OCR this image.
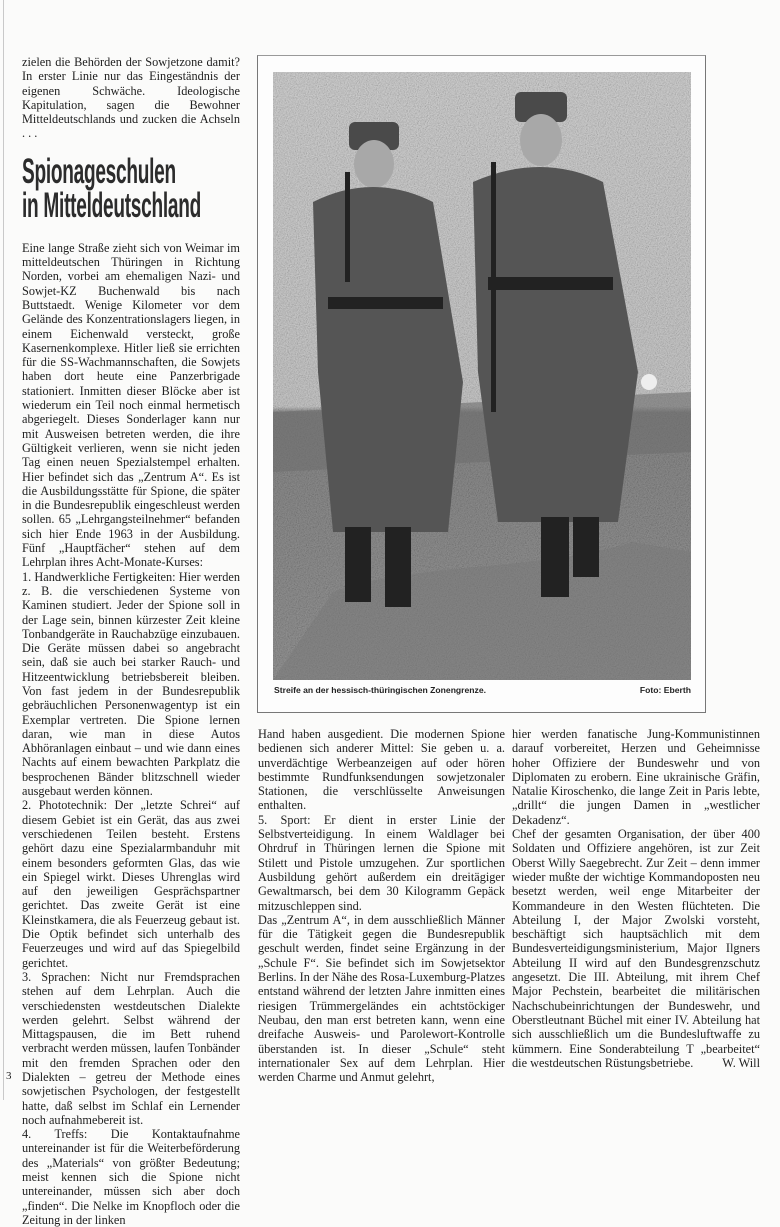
zielen die Behörden der Sowjetzone damit? In erster Linie nur das Eingeständnis der eigenen Schwäche. Ideologische Kapitulation, sagen die Bewohner Mitteldeutschlands und zucken die Achseln . . .

Spionageschulen
in Mitteldeutschland

Eine lange Straße zieht sich von Weimar im mitteldeutschen Thüringen in Richtung Norden, vorbei am ehemaligen Nazi- und Sowjet-KZ Buchenwald bis nach Buttstaedt. Wenige Kilometer vor dem Gelände des Konzentrationslagers liegen, in einem Eichenwald versteckt, große Kasernenkomplexe. Hitler ließ sie errichten für die SS-Wachmannschaften, die Sowjets haben dort heute eine Panzerbrigade stationiert. Inmitten dieser Blöcke aber ist wiederum ein Teil noch einmal hermetisch abgeriegelt. Dieses Sonderlager kann nur mit Ausweisen betreten werden, die ihre Gültigkeit verlieren, wenn sie nicht jeden Tag einen neuen Spezialstempel erhalten. Hier befindet sich das „Zentrum A“. Es ist die Ausbildungsstätte für Spione, die später in die Bundesrepublik eingeschleust werden sollen. 65 „Lehrgangsteilnehmer“ befanden sich hier Ende 1963 in der Ausbildung. Fünf „Hauptfächer“ stehen auf dem Lehrplan ihres Acht-Monate-Kurses:

1. Handwerkliche Fertigkeiten: Hier werden z. B. die verschiedenen Systeme von Kaminen studiert. Jeder der Spione soll in der Lage sein, binnen kürzester Zeit kleine Tonbandgeräte in Rauchabzüge einzubauen. Die Geräte müssen dabei so angebracht sein, daß sie auch bei starker Rauch- und Hitzeentwicklung betriebsbereit bleiben. Von fast jedem in der Bundesrepublik gebräuchlichen Personenwagentyp ist ein Exemplar vertreten. Die Spione lernen daran, wie man in diese Autos Abhöranlagen einbaut – und wie dann eines Nachts auf einem bewachten Parkplatz die besprochenen Bänder blitzschnell wieder ausgebaut werden können.

2. Phototechnik: Der „letzte Schrei“ auf diesem Gebiet ist ein Gerät, das aus zwei verschiedenen Teilen besteht. Erstens gehört dazu eine Spezialarmbanduhr mit einem besonders geformten Glas, das wie ein Spiegel wirkt. Dieses Uhrenglas wird auf den jeweiligen Gesprächspartner gerichtet. Das zweite Gerät ist eine Kleinstkamera, die als Feuerzeug gebaut ist. Die Optik befindet sich unterhalb des Feuerzeuges und wird auf das Spiegelbild gerichtet.

3. Sprachen: Nicht nur Fremdsprachen stehen auf dem Lehrplan. Auch die verschiedensten westdeutschen Dialekte werden gelehrt. Selbst während der Mittagspausen, die im Bett ruhend verbracht werden müssen, laufen Tonbänder mit den fremden Sprachen oder den Dialekten – getreu der Methode eines sowjetischen Psychologen, der festgestellt hatte, daß selbst im Schlaf ein Lernender noch aufnahmebereit ist.

4. Treffs: Die Kontaktaufnahme untereinander ist für die Weiterbeförderung des „Materials“ von größter Bedeutung; meist kennen sich die Spione nicht untereinander, müssen sich aber doch „finden“. Die Nelke im Knopfloch oder die Zeitung in der linken

3
Streife an der hessisch-thüringischen Zonengrenze.	Foto: Eberth

Hand haben ausgedient. Die modernen Spione bedienen sich anderer Mittel: Sie geben u. a. unverdächtige Werbeanzeigen auf oder hören bestimmte Rundfunksendungen sowjetzonaler Stationen, die verschlüsselte Anweisungen enthalten.

5. Sport: Er dient in erster Linie der Selbstverteidigung. In einem Waldlager bei Ohrdruf in Thüringen lernen die Spione mit Stilett und Pistole umzugehen. Zur sportlichen Ausbildung gehört außerdem ein dreitägiger Gewaltmarsch, bei dem 30 Kilogramm Gepäck mitzuschleppen sind.

Das „Zentrum A“, in dem ausschließlich Männer für die Tätigkeit gegen die Bundesrepublik geschult werden, findet seine Ergänzung in der „Schule F“. Sie befindet sich im Sowjetsektor Berlins. In der Nähe des Rosa-Luxemburg-Platzes entstand während der letzten Jahre inmitten eines riesigen Trümmergeländes ein achtstöckiger Neubau, den man erst betreten kann, wenn eine dreifache Ausweis- und Parolewort-Kontrolle überstanden ist. In dieser „Schule“ steht internationaler Sex auf dem Lehrplan. Hier werden Charme und Anmut gelehrt,

hier werden fanatische Jung-Kommunistinnen darauf vorbereitet, Herzen und Geheimnisse hoher Offiziere der Bundeswehr und von Diplomaten zu erobern. Eine ukrainische Gräfin, Natalie Kiroschenko, die lange Zeit in Paris lebte, „drillt“ die jungen Damen in „westlicher Dekadenz“.

Chef der gesamten Organisation, der über 400 Soldaten und Offiziere angehören, ist zur Zeit Oberst Willy Saegebrecht. Zur Zeit – denn immer wieder mußte der wichtige Kommandoposten neu besetzt werden, weil enge Mitarbeiter der Kommandeure in den Westen flüchteten. Die Abteilung I, der Major Zwolski vorsteht, beschäftigt sich hauptsächlich mit dem Bundesverteidigungsministerium, Major Ilgners Abteilung II wird auf den Bundesgrenzschutz angesetzt. Die III. Abteilung, mit ihrem Chef Major Pechstein, bearbeitet die militärischen Nachschubeinrichtungen der Bundeswehr, und Oberstleutnant Büchel mit einer IV. Abteilung hat sich ausschließlich um die Bundesluftwaffe zu kümmern. Eine Sonderabteilung T „bearbeitet“ die westdeutschen Rüstungsbetriebe. W. Will
